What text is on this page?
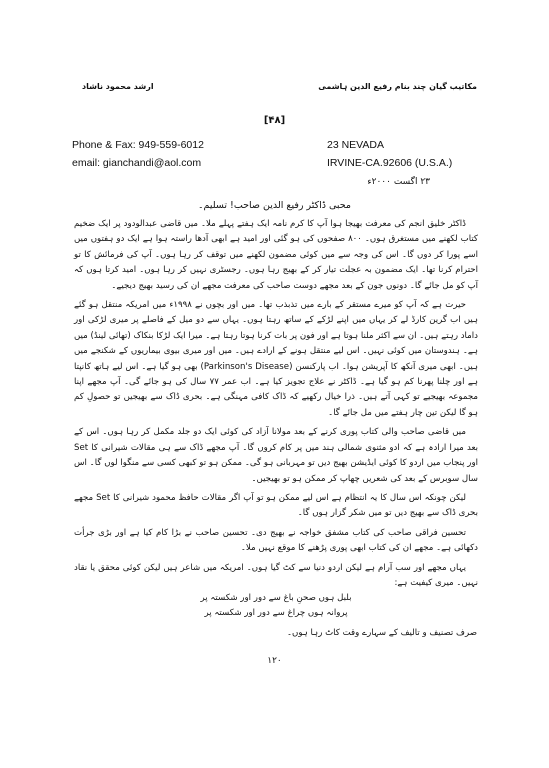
ارشد محمود ناشاد	مکاتیب گیان چند بنام رفیع الدین ہاشمی
[۴۸]
Phone & Fax: 949-559-6012	23 NEVADA
email: gianchandi@aol.com	IRVINE-CA.92606 (U.S.A.)
۲۳ اگست ۲۰۰۰ء
محبی ڈاکٹر رفیع الدین صاحب! تسلیم۔

ڈاکٹر خلیق انجم کی معرفت بھیجا ہوا آپ کا کرم نامہ ایک ہفتے پہلے ملا۔ میں قاضی عبدالودود پر ایک ضخیم کتاب لکھنے میں مستغرق ہوں۔ ۸۰۰ صفحوں کی ہو گئی اور امید ہے ابھی آدھا راستہ ہوا ہے ایک دو ہفتوں میں اسے پورا کر دوں گا۔ اس کی وجہ سے میں کوئی مضمون لکھنے میں توقف کر رہا ہوں۔ آپ کی فرمائش کا تو احترام کرنا تھا۔ ایک مضمون بہ عجلت تیار کر کے بھیج رہا ہوں۔ رجسٹری نہیں کر رہا ہوں۔ امید کرتا ہوں کہ آپ کو مل جائے گا۔ دونوں جون کے بعد مجھے دوست صاحب کی معرفت مجھے ان کی رسید بھیج دیجیے۔

حیرت ہے کہ آپ کو میرے مستقر کے بارے میں تذبذب تھا۔ میں اور بچوں نے ۱۹۹۸ء میں امریکہ منتقل ہو گئے ہیں اب گرین کارڈ لے کر یہاں میں اپنے لڑکے کے ساتھ رہتا ہوں۔ یہاں سے دو میل کے فاصلے پر میری لڑکی اور داماد رہتے ہیں۔ ان سے اکثر ملنا ہوتا ہے اور فون پر بات کرنا ہوتا رہتا ہے۔ میرا ایک لڑکا بنکاک (تھائی لینڈ) میں ہے۔ ہندوستان میں کوئی نہیں۔ اس لیے منتقل ہونے کے ارادے ہیں۔ میں اور میری بیوی بیماریوں کے شکنجے میں ہیں۔ ابھی میری آنکھ کا آپریشن ہوا۔ اب پارکنسن (Parkinson's Disease) بھی ہو گیا ہے۔ اس لیے ہاتھ کانپتا ہے اور چلنا پھرنا کم ہو گیا ہے۔ ڈاکٹر نے علاج تجویز کیا ہے۔ اب عمر ۷۷ سال کی ہو جائے گی۔ آپ مجھے اپنا مجموعہ بھیجیے تو کہی آتے ہیں۔ ذرا خیال رکھیے کہ ڈاک کافی مہنگی ہے۔ بحری ڈاک سے بھیجیں تو حصولِ کم ہو گا لیکن تین چار ہفتے میں مل جائے گا۔

میں قاضی صاحب والی کتاب پوری کرنے کے بعد مولانا آزاد کی کوئی ایک دو جلد مکمل کر رہا ہوں۔ اس کے بعد میرا ارادہ ہے کہ ادو مثنوی شمالی ہند میں پر کام کروں گا۔ آپ مجھے ڈاک سے ہی مقالات شیرانی کا Set اور پنجاب میں اردو کا کوئی ایڈیشن بھیج دیں تو مہربانی ہو گی۔ ممکن ہو تو کبھی کسی سے منگوا لوں گا۔ اس سال سوبرس کے بعد کی شعریں چھاپ کر ممکن ہو تو بھیجیں۔

لیکن چونکہ اس سال کا یہ انتظام ہے اس لیے ممکن ہو تو آپ اگر مقالات حافظ محمود شیرانی کا Set مجھے بحری ڈاک سے بھیج دیں تو میں شکر گزار ہوں گا۔

تحسین فراقی صاحب کی کتاب مشفق خواجہ نے بھیج دی۔ تحسین صاحب نے بڑا کام کیا ہے اور بڑی جرأت دکھائی ہے۔ مجھے ان کی کتاب ابھی پوری پڑھنے کا موقع نہیں ملا۔

یہاں مجھے اور سب آرام ہے لیکن اردو دنیا سے کٹ گیا ہوں۔ امریکہ میں شاعر ہیں لیکن کوئی محقق یا نقاد نہیں۔ میری کیفیت ہے:

بلبل ہوں صحنِ باغ سے دور اور شکستہ پر
پروانہ ہوں چراغ سے دور اور شکستہ پر
صرف تصنیف و تالیف کے سہارے وقت کاٹ رہا ہوں۔
۱۲۰
